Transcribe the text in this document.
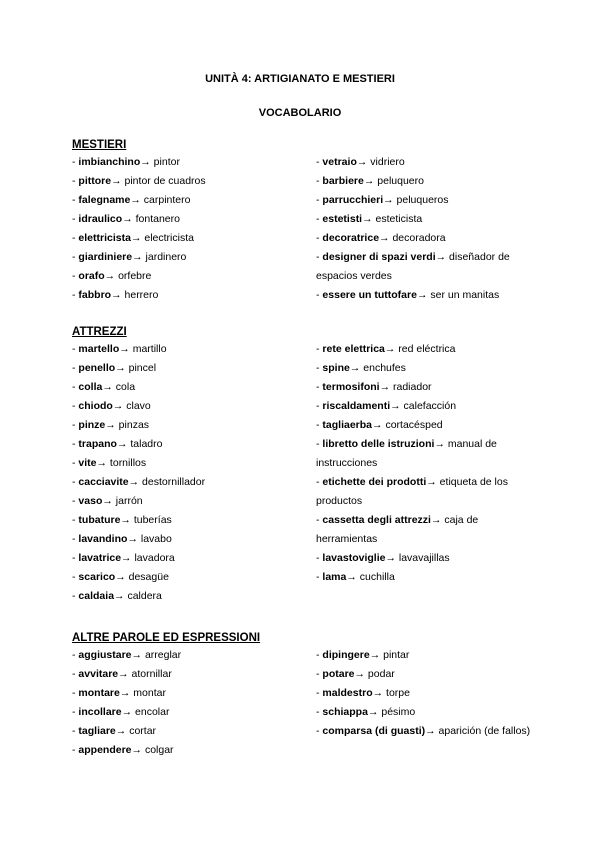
UNITÀ 4: ARTIGIANATO E MESTIERI
VOCABOLARIO
MESTIERI
- imbianchino→ pintor
- pittore→ pintor de cuadros
- falegname→ carpintero
- idraulico→ fontanero
- elettricista→ electricista
- giardiniere→ jardinero
- orafo→ orfebre
- fabbro→ herrero
- vetraio→ vidriero
- barbiere→ peluquero
- parrucchieri→ peluqueros
- estetisti→ esteticista
- decoratrice→ decoradora
- designer di spazi verdi→ diseñador de espacios verdes
- essere un tuttofare→ ser un manitas
ATTREZZI
- martello→ martillo
- penello→ pincel
- colla→ cola
- chiodo→ clavo
- pinze→ pinzas
- trapano→ taladro
- vite→ tornillos
- cacciavite→ destornillador
- vaso→ jarrón
- tubature→ tuberías
- lavandino→ lavabo
- lavatrice→ lavadora
- scarico→ desagüe
- caldaia→ caldera
- rete elettrica→ red eléctrica
- spine→ enchufes
- termosifoni→ radiador
- riscaldamenti→ calefacción
- tagliaerba→ cortacésped
- libretto delle istruzioni→ manual de instrucciones
- etichette dei prodotti→ etiqueta de los productos
- cassetta degli attrezzi→ caja de herramientas
- lavastoviglie→ lavavajillas
- lama→ cuchilla
ALTRE PAROLE ED ESPRESSIONI
- aggiustare→ arreglar
- avvitare→ atornillar
- montare→ montar
- incollare→ encolar
- tagliare→ cortar
- appendere→ colgar
- dipingere→ pintar
- potare→ podar
- maldestro→ torpe
- schiappa→ pésimo
- comparsa (di guasti)→ aparición (de fallos)
